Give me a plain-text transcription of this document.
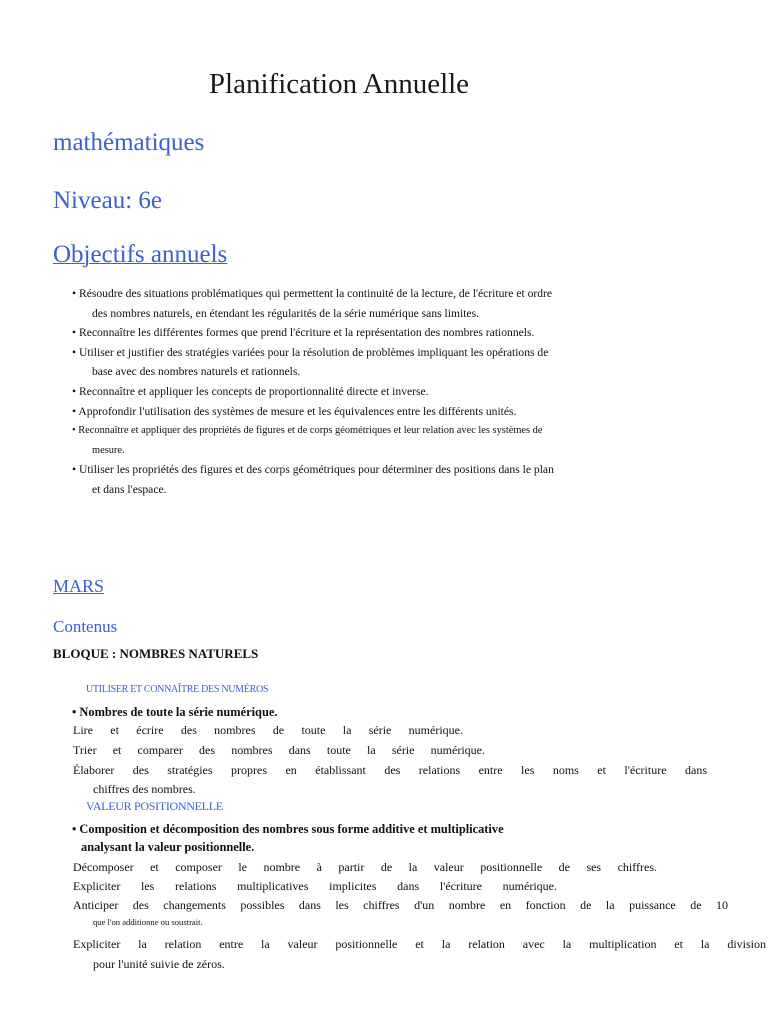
Planification Annuelle
mathématiques
Niveau: 6e
Objectifs annuels
• Résoudre des situations problématiques qui permettent la continuité de la lecture, de l'écriture et ordre des nombres naturels, en étendant les régularités de la série numérique sans limites.
• Reconnaître les différentes formes que prend l'écriture et la représentation des nombres rationnels.
• Utiliser et justifier des stratégies variées pour la résolution de problèmes impliquant les opérations de base avec des nombres naturels et rationnels.
• Reconnaître et appliquer les concepts de proportionnalité directe et inverse.
• Approfondir l'utilisation des systèmes de mesure et les équivalences entre les différents unités.
• Reconnaître et appliquer des propriétés de figures et de corps géométriques et leur relation avec les systèmes de mesure.
• Utiliser les propriétés des figures et des corps géométriques pour déterminer des positions dans le plan et dans l'espace.
MARS
Contenus
BLOQUE : NOMBRES NATURELS
UTILISER ET CONNAÎTRE DES NUMÉROS
• Nombres de toute la série numérique.
Lire et écrire des nombres de toute la série numérique.
Trier et comparer des nombres dans toute la série numérique.
Élaborer des stratégies propres en établissant des relations entre les noms et l'écriture dans
chiffres des nombres.
VALEUR POSITIONNELLE
• Composition et décomposition des nombres sous forme additive et multiplicative
analysant la valeur positionnelle.
Décomposer et composer le nombre à partir de la valeur positionnelle de ses chiffres.
Expliciter les relations multiplicatives implicites dans l'écriture numérique.
Anticiper des changements possibles dans les chiffres d'un nombre en fonction de la puissance de 10
que l'on additionne ou soustrait.
Expliciter la relation entre la valeur positionnelle et la relation avec la multiplication et la division
pour l'unité suivie de zéros.
